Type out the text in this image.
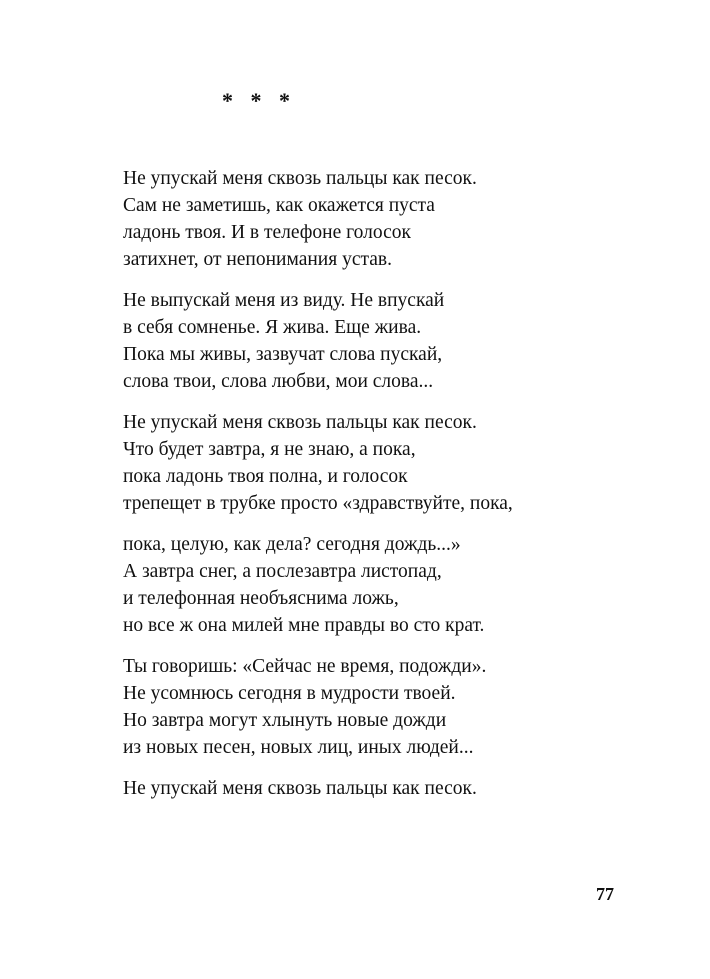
* * *
Не упускай меня сквозь пальцы как песок.
Сам не заметишь, как окажется пуста
ладонь твоя. И в телефоне голосок
затихнет, от непонимания устав.
Не выпускай меня из виду. Не впускай
в себя сомненье. Я жива. Еще жива.
Пока мы живы, зазвучат слова пускай,
слова твои, слова любви, мои слова...
Не упускай меня сквозь пальцы как песок.
Что будет завтра, я не знаю, а пока,
пока ладонь твоя полна, и голосок
трепещет в трубке просто «здравствуйте, пока,
пока, целую, как дела? сегодня дождь...»
А завтра снег, а послезавтра листопад,
и телефонная необъяснима ложь,
но все ж она милей мне правды во сто крат.
Ты говоришь: «Сейчас не время, подожди».
Не усомнюсь сегодня в мудрости твоей.
Но завтра могут хлынуть новые дожди
из новых песен, новых лиц, иных людей...
Не упускай меня сквозь пальцы как песок.
77
